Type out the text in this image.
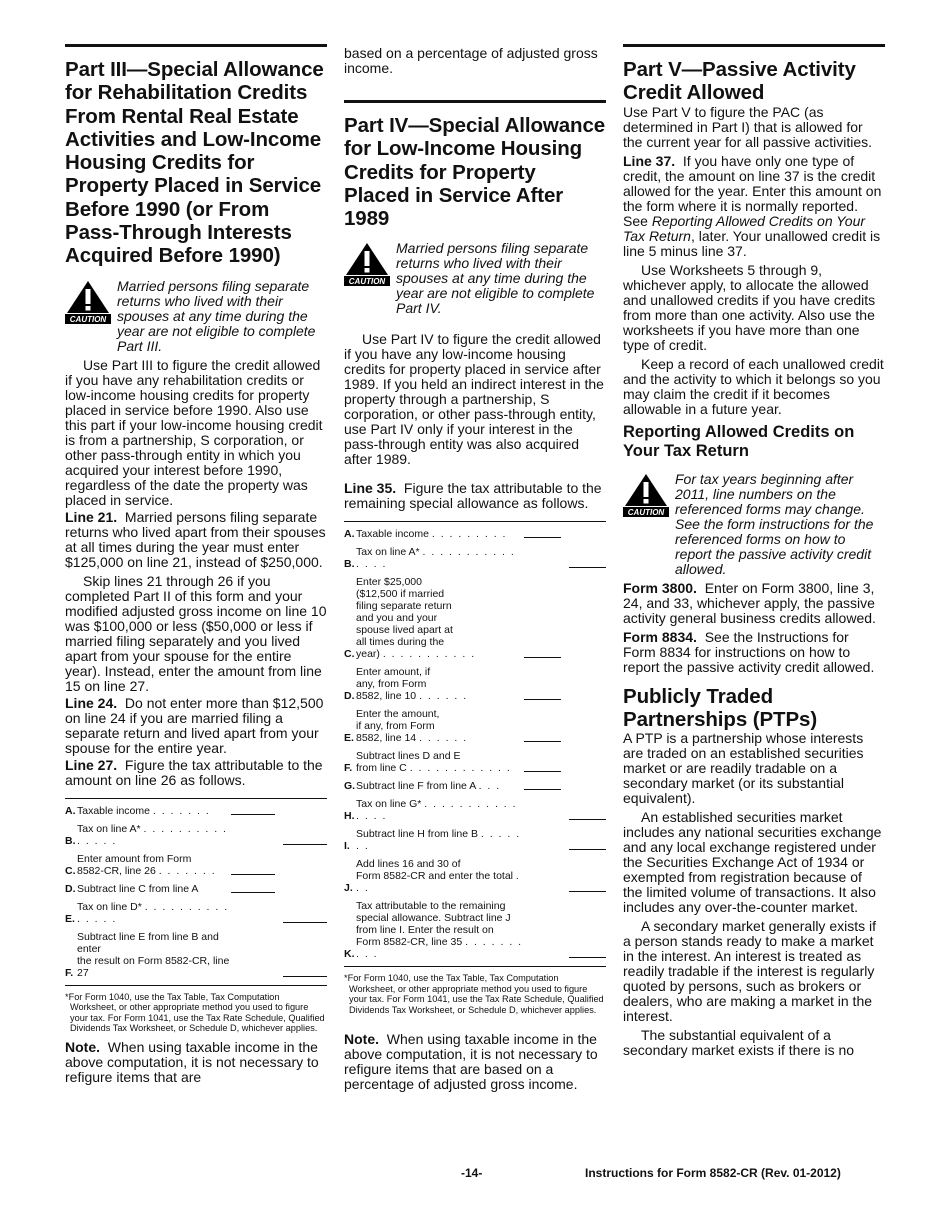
Part III—Special Allowance for Rehabilitation Credits From Rental Real Estate Activities and Low-Income Housing Credits for Property Placed in Service Before 1990 (or From Pass-Through Interests Acquired Before 1990)
Married persons filing separate returns who lived with their spouses at any time during the year are not eligible to complete Part III.

Use Part III to figure the credit allowed if you have any rehabilitation credits or low-income housing credits for property placed in service before 1990. Also use this part if your low-income housing credit is from a partnership, S corporation, or other pass-through entity in which you acquired your interest before 1990, regardless of the date the property was placed in service.

Line 21. Married persons filing separate returns who lived apart from their spouses at all times during the year must enter $125,000 on line 21, instead of $250,000.

Skip lines 21 through 26 if you completed Part II of this form and your modified adjusted gross income on line 10 was $100,000 or less ($50,000 or less if married filing separately and you lived apart from your spouse for the entire year). Instead, enter the amount from line 15 on line 27.

Line 24. Do not enter more than $12,500 on line 24 if you are married filing a separate return and lived apart from your spouse for the entire year.

Line 27. Figure the tax attributable to the amount on line 26 as follows.

A. Taxable income . . . . . . .
B.
Tax on line A* . . . . . . . . . . . . . . .
C.
Enter amount from Form
8582-CR, line 26 . . . . . . .
D. Subtract line C from line A
E.
Tax on line D* . . . . . . . . . . . . . . .
F.
Subtract line E from line B and enter
the result on Form 8582-CR, line 27

*For Form 1040, use the Tax Table, Tax Computation Worksheet, or other appropriate method you used to figure your tax. For Form 1041, use the Tax Rate Schedule, Qualified Dividends Tax Worksheet, or Schedule D, whichever applies.

Note. When using taxable income in the above computation, it is not necessary to refigure items that are

based on a percentage of adjusted gross income.

Part IV—Special Allowance for Low-Income Housing Credits for Property Placed in Service After 1989
Married persons filing separate returns who lived with their spouses at any time during the year are not eligible to complete Part IV.

Use Part IV to figure the credit allowed if you have any low-income housing credits for property placed in service after 1989. If you held an indirect interest in the property through a partnership, S corporation, or other pass-through entity, use Part IV only if your interest in the pass-through entity was also acquired after 1989.

Line 35. Figure the tax attributable to the remaining special allowance as follows.

A. Taxable income . . . . . . . . .
B.
Tax on line A* . . . . . . . . . . . . . . .
C.
Enter $25,000
($12,500 if married
filing separate return
and you and your
spouse lived apart at
all times during the
year) . . . . . . . . . . .
D.
Enter amount, if
any, from Form
8582, line 10 . . . . . .
E.
Enter the amount,
if any, from Form
8582, line 14 . . . . . .
F.
Subtract lines D and E
from line C . . . . . . . . . . . .
G. Subtract line F from line A . . .
H.
Tax on line G* . . . . . . . . . . . . . . .
I.
Subtract line H from line B . . . . . . .
J.
Add lines 16 and 30 of
Form 8582-CR and enter the total . . .
K.
Tax attributable to the remaining
special allowance. Subtract line J
from line I. Enter the result on
Form 8582-CR, line 35 . . . . . . . . . .

*For Form 1040, use the Tax Table, Tax Computation Worksheet, or other appropriate method you used to figure your tax. For Form 1041, use the Tax Rate Schedule, Qualified Dividends Tax Worksheet, or Schedule D, whichever applies.

Note. When using taxable income in the above computation, it is not necessary to refigure items that are based on a percentage of adjusted gross income.

Part V—Passive Activity Credit Allowed

Use Part V to figure the PAC (as determined in Part I) that is allowed for the current year for all passive activities.

Line 37. If you have only one type of credit, the amount on line 37 is the credit allowed for the year. Enter this amount on the form where it is normally reported. See Reporting Allowed Credits on Your Tax Return, later. Your unallowed credit is line 5 minus line 37.

Use Worksheets 5 through 9, whichever apply, to allocate the allowed and unallowed credits if you have credits from more than one activity. Also use the worksheets if you have more than one type of credit.

Keep a record of each unallowed credit and the activity to which it belongs so you may claim the credit if it becomes allowable in a future year.

Reporting Allowed Credits on Your Tax Return
For tax years beginning after 2011, line numbers on the referenced forms may change. See the form instructions for the referenced forms on how to report the passive activity credit allowed.

Form 3800. Enter on Form 3800, line 3, 24, and 33, whichever apply, the passive activity general business credits allowed.

Form 8834. See the Instructions for Form 8834 for instructions on how to report the passive activity credit allowed.

Publicly Traded Partnerships (PTPs)

A PTP is a partnership whose interests are traded on an established securities market or are readily tradable on a secondary market (or its substantial equivalent).

An established securities market includes any national securities exchange and any local exchange registered under the Securities Exchange Act of 1934 or exempted from registration because of the limited volume of transactions. It also includes any over-the-counter market.

A secondary market generally exists if a person stands ready to make a market in the interest. An interest is treated as readily tradable if the interest is regularly quoted by persons, such as brokers or dealers, who are making a market in the interest.

The substantial equivalent of a secondary market exists if there is no

-14-	Instructions for Form 8582-CR (Rev. 01-2012)
